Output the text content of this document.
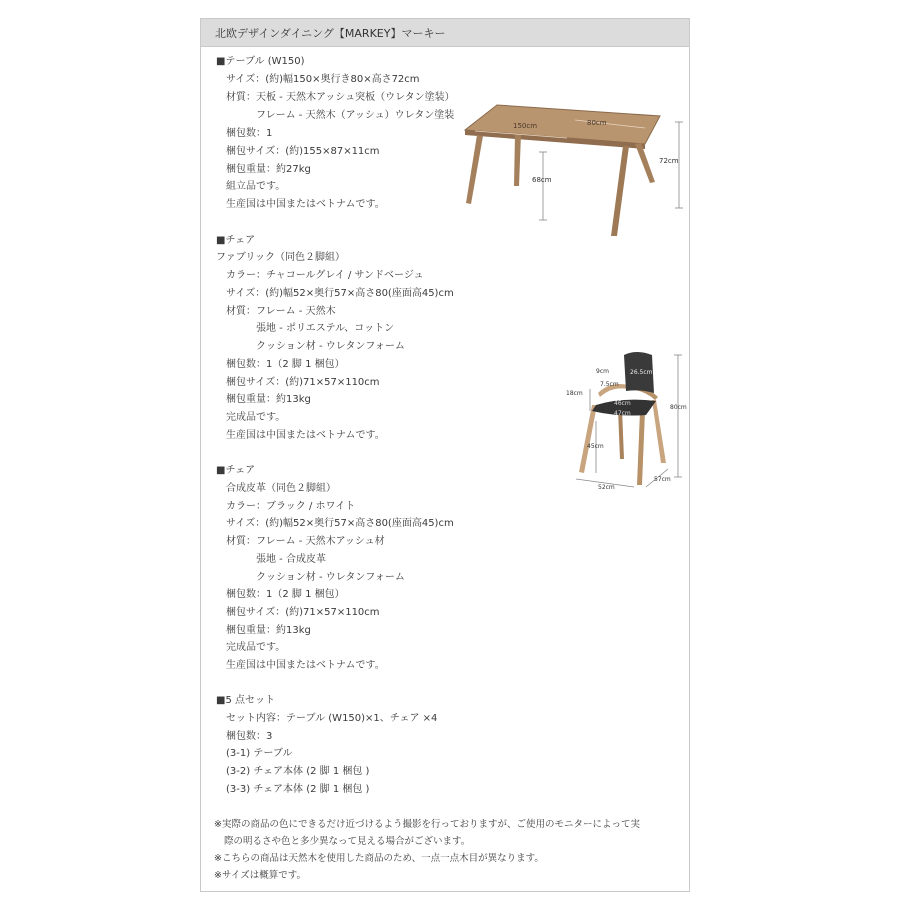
北欧デザインダイニング【MARKEY】マーキー
■テーブル (W150)
サイズ：(約)幅150×奥行き80×高さ72cm
材質：天板 - 天然木アッシュ突板（ウレタン塗装）
フレーム - 天然木（アッシュ）ウレタン塗装
梱包数：1
梱包サイズ：(約)155×87×11cm
梱包重量：約27kg
組立品です。
生産国は中国またはベトナムです。
150cm	80cm
72cm
68cm
■チェア
ファブリック（同色２脚組）
カラー：チャコールグレイ / サンドベージュ
サイズ：(約)幅52×奥行57×高さ80(座面高45)cm
材質：フレーム - 天然木
張地 - ポリエステル、コットン
クッション材 - ウレタンフォーム
梱包数：1（2 脚 1 梱包）
梱包サイズ：(約)71×57×110cm
梱包重量：約13kg
完成品です。
生産国は中国またはベトナムです。
26.5cm
9cm
7.5cm
18cm
46cm
47cm
45cm
80cm
52cm
57cm
■チェア
合成皮革（同色２脚組）
カラー：ブラック / ホワイト
サイズ：(約)幅52×奥行57×高さ80(座面高45)cm
材質：フレーム - 天然木アッシュ材
張地 - 合成皮革
クッション材 - ウレタンフォーム
梱包数：1（2 脚 1 梱包）
梱包サイズ：(約)71×57×110cm
梱包重量：約13kg
完成品です。
生産国は中国またはベトナムです。
■5 点セット
セット内容：テーブル (W150)×1、チェア ×4
梱包数：3
(3-1) テーブル
(3-2) チェア本体 (2 脚 1 梱包 )
(3-3) チェア本体 (2 脚 1 梱包 )
※実際の商品の色にできるだけ近づけるよう撮影を行っておりますが、ご使用のモニターによって実
際の明るさや色と多少異なって見える場合がございます。
※こちらの商品は天然木を使用した商品のため、一点一点木目が異なります。
※サイズは概算です。
